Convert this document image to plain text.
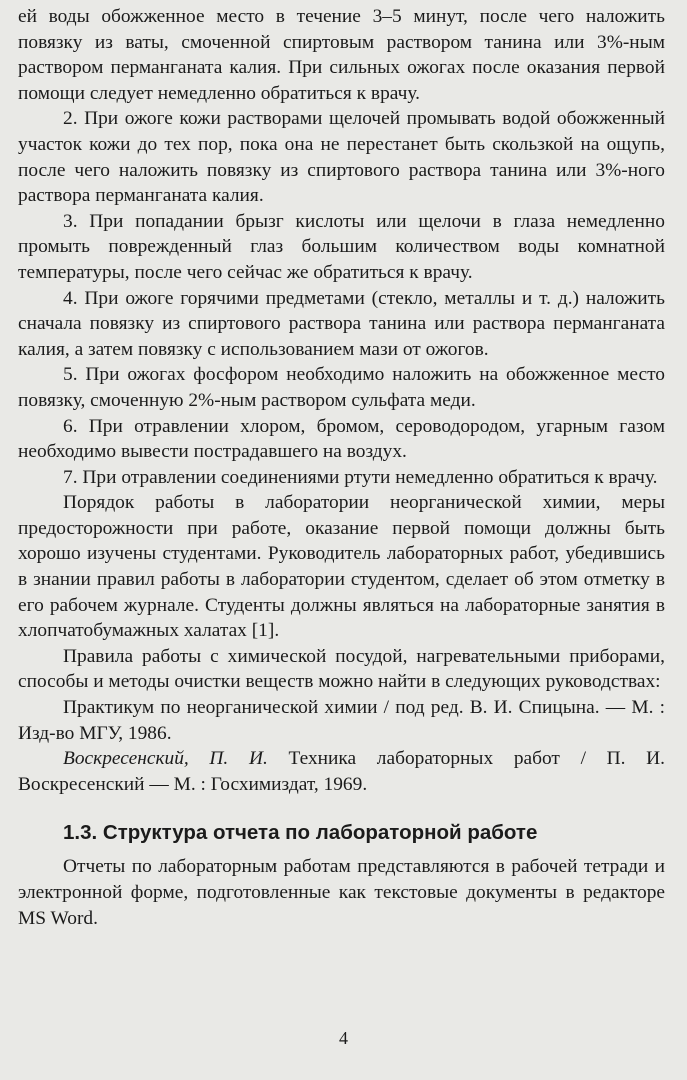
ей воды обожженное место в течение 3–5 минут, после чего наложить повязку из ваты, смоченной спиртовым раствором танина или 3%-ным раствором перманганата калия. При сильных ожогах после оказания первой помощи следует немедленно обратиться к врачу.

2. При ожоге кожи растворами щелочей промывать водой обожженный участок кожи до тех пор, пока она не перестанет быть скользкой на ощупь, после чего наложить повязку из спиртового раствора танина или 3%-ного раствора перманганата калия.

3. При попадании брызг кислоты или щелочи в глаза немедленно промыть поврежденный глаз большим количеством воды комнатной температуры, после чего сейчас же обратиться к врачу.

4. При ожоге горячими предметами (стекло, металлы и т. д.) наложить сначала повязку из спиртового раствора танина или раствора перманганата калия, а затем повязку с использованием мази от ожогов.

5. При ожогах фосфором необходимо наложить на обожженное место повязку, смоченную 2%-ным раствором сульфата меди.

6. При отравлении хлором, бромом, сероводородом, угарным газом необходимо вывести пострадавшего на воздух.

7. При отравлении соединениями ртути немедленно обратиться к врачу.

Порядок работы в лаборатории неорганической химии, меры предосторожности при работе, оказание первой помощи должны быть хорошо изучены студентами. Руководитель лабораторных работ, убедившись в знании правил работы в лаборатории студентом, сделает об этом отметку в его рабочем журнале. Студенты должны являться на лабораторные занятия в хлопчатобумажных халатах [1].

Правила работы с химической посудой, нагревательными приборами, способы и методы очистки веществ можно найти в следующих руководствах:

Практикум по неорганической химии / под ред. В. И. Спицына. — М. : Изд-во МГУ, 1986.

Воскресенский, П. И. Техника лабораторных работ / П. И. Воскресенский — М. : Госхимиздат, 1969.

1.3. Структура отчета по лабораторной работе

Отчеты по лабораторным работам представляются в рабочей тетради и электронной форме, подготовленные как текстовые документы в редакторе MS Word.

4
